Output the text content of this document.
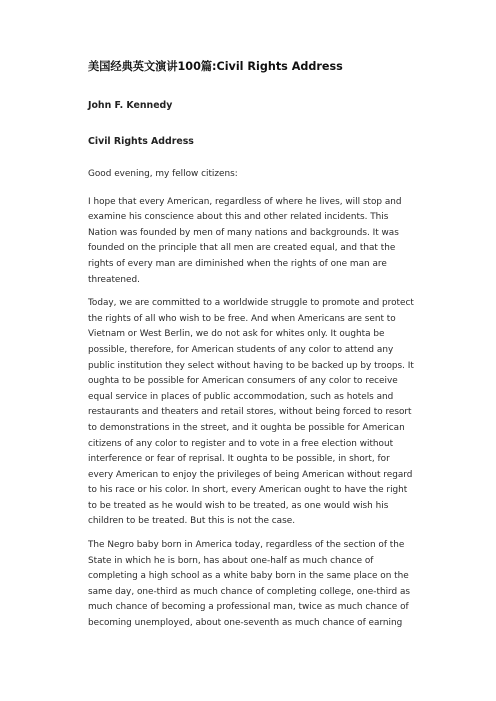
美国经典英文演讲100篇:Civil Rights Address
John F. Kennedy
Civil Rights Address

Good evening, my fellow citizens:

I hope that every American, regardless of where he lives, will stop and examine his conscience about this and other related incidents. This Nation was founded by men of many nations and backgrounds. It was founded on the principle that all men are created equal, and that the rights of every man are diminished when the rights of one man are threatened.

Today, we are committed to a worldwide struggle to promote and protect the rights of all who wish to be free. And when Americans are sent to Vietnam or West Berlin, we do not ask for whites only. It oughta be possible, therefore, for American students of any color to attend any public institution they select without having to be backed up by troops. It oughta to be possible for American consumers of any color to receive equal service in places of public accommodation, such as hotels and restaurants and theaters and retail stores, without being forced to resort to demonstrations in the street, and it oughta be possible for American citizens of any color to register and to vote in a free election without interference or fear of reprisal. It oughta to be possible, in short, for every American to enjoy the privileges of being American without regard to his race or his color. In short, every American ought to have the right to be treated as he would wish to be treated, as one would wish his children to be treated. But this is not the case.

The Negro baby born in America today, regardless of the section of the State in which he is born, has about one-half as much chance of completing a high school as a white baby born in the same place on the same day, one-third as much chance of completing college, one-third as much chance of becoming a professional man, twice as much chance of becoming unemployed, about one-seventh as much chance of earning
